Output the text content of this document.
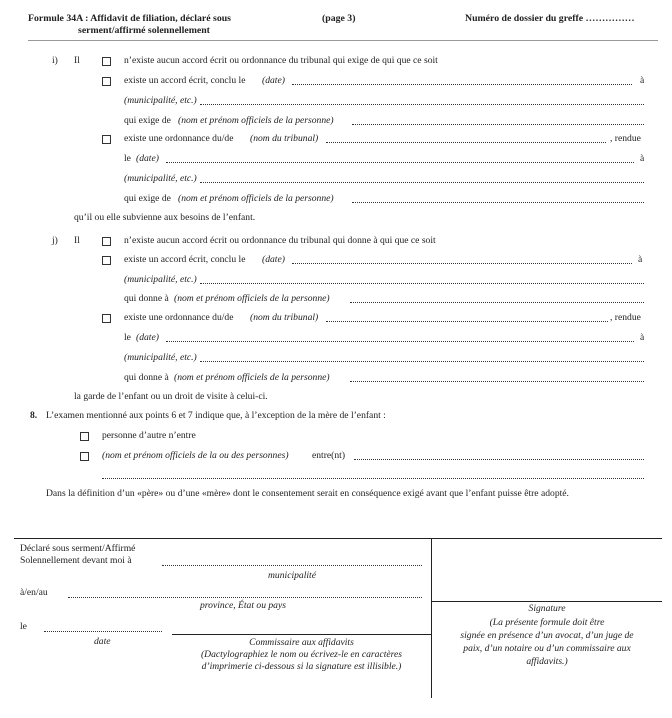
Formule 34A : Affidavit de filiation, déclaré sous
serment/affirmé solennellement
(page 3)	Numéro de dossier du greffe ……………
i) Il	n’existe aucun accord écrit ou ordonnance du tribunal qui exige de qui que ce soit
existe un accord écrit, conclu le (date)	à
(municipalité, etc.)
qui exige de (nom et prénom officiels de la personne)
existe une ordonnance du/de (nom du tribunal)	, rendue
le (date)	à
(municipalité, etc.)
qui exige de (nom et prénom officiels de la personne)
qu’il ou elle subvienne aux besoins de l’enfant.
j) Il	n’existe aucun accord écrit ou ordonnance du tribunal qui donne à qui que ce soit
existe un accord écrit, conclu le (date)	à
(municipalité, etc.)
qui donne à (nom et prénom officiels de la personne)
existe une ordonnance du/de (nom du tribunal)	, rendue
le (date)	à
(municipalité, etc.)
qui donne à (nom et prénom officiels de la personne)
la garde de l’enfant ou un droit de visite à celui-ci.
8. L’examen mentionné aux points 6 et 7 indique que, à l’exception de la mère de l’enfant :
personne d’autre n’entre
(nom et prénom officiels de la ou des personnes) entre(nt)
Dans la définition d’un «père» ou d’une «mère» dont le consentement serait en conséquence exigé avant que l’enfant puisse être adopté.
Déclaré sous serment/Affirmé
Solennellement devant moi à
municipalité
à/en/au
province, État ou pays
le
date	Commissaire aux affidavits
(Dactylographiez le nom ou écrivez-le en caractères
d’imprimerie ci-dessous si la signature est illisible.)
Signature
(La présente formule doit être
signée en présence d’un avocat, d’un juge de
paix, d’un notaire ou d’un commissaire aux
affidavits.)
